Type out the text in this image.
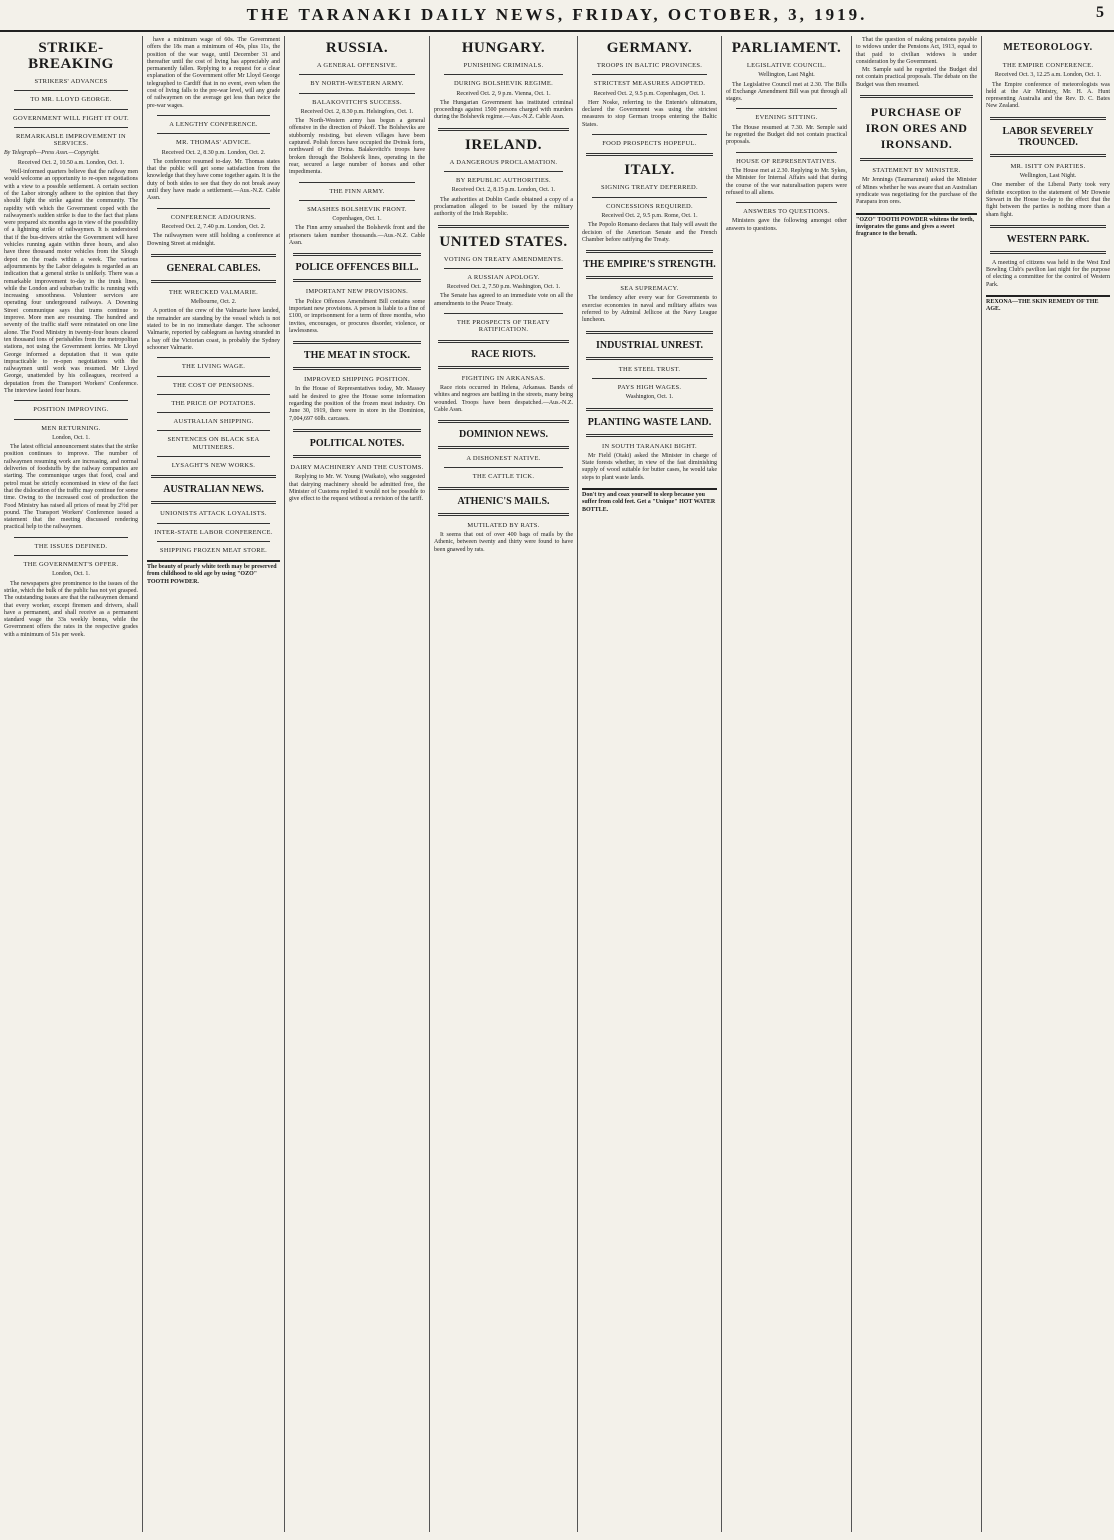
THE TARANAKI DAILY NEWS, FRIDAY, OCTOBER, 3, 1919.	5
STRIKE-BREAKING
STRIKERS' ADVANCES
TO MR. LLOYD GEORGE.
GOVERNMENT WILL FIGHT IT OUT.
REMARKABLE IMPROVEMENT IN SERVICES.
By Telegraph—Press Assn.—Copyright.
Received Oct. 2, 10.50 a.m. London, Oct. 1.
Well-informed quarters believe that the railway men would welcome an opportunity to re-open negotiations with a view to a possible settlement. A certain section of the Labor strongly adhere to the opinion that they should fight the strike against the community. The rapidity with which the Government coped with the railwaymen's sudden strike is due to the fact that plans were prepared six months ago in view of the possibility of a lightning strike of railwaymen. It is understood that if the bus-drivers strike the Government will have vehicles running again within three hours, and also have three thousand motor vehicles from the Slough depot on the roads within a week. The various adjournments by the Labor delegates is regarded as an indication that a general strike is unlikely. There was a remarkable improvement to-day in the trunk lines, while the London and suburban traffic is running with increasing smoothness. Volunteer services are operating four underground railways. A Downing Street communique says that trams continue to improve. More men are resuming. The hundred and seventy of the traffic staff were reinstated on one line alone. The Food Ministry in twenty-four hours cleared ten thousand tons of perishables from the metropolitan stations, not using the Government lorries. Mr Lloyd George informed a deputation that it was quite impracticable to re-open negotiations with the railwaymen until work was resumed. Mr Lloyd George, unattended by his colleagues, received a deputation from the Transport Workers' Conference. The interview lasted four hours.
POSITION IMPROVING.
MEN RETURNING.
London, Oct. 1.
The latest official announcement states that the strike position continues to improve. The number of railwaymen resuming work are increasing, and normal deliveries of foodstuffs by the railway companies are starting. The communique urges that food, coal and petrol must be strictly economised in view of the fact that the dislocation of the traffic may continue for some time. Owing to the increased cost of production the Food Ministry has raised all prices of meat by 2½d per pound. The Transport Workers' Conference issued a statement that the meeting discussed rendering practical help to the railwaymen.
THE ISSUES DEFINED.
THE GOVERNMENT'S OFFER.
London, Oct. 1.
The newspapers give prominence to the issues of the strike, which the bulk of the public has not yet grasped. The outstanding issues are that the railwaymen demand that every worker, except firemen and drivers, shall have a permanent, and shall receive as a permanent standard wage the 33s weekly bonus, while the Government offers the rates in the respective grades with a minimum of 51s per week.
have a minimum wage of 60s. The Government offers the 18s man a minimum of 40s, plus 11s, the position of the war wage, until December 31 and thereafter until the cost of living has appreciably and permanently fallen. Replying to a request for a clear explanation of the Government offer Mr Lloyd George telegraphed to Cardiff that in no event, even when the cost of living falls to the pre-war level, will any grade of railwaymen on the average get less than twice the pre-war wages.
A LENGTHY CONFERENCE.
MR. THOMAS' ADVICE.
Received Oct. 2, 8.30 p.m. London, Oct. 2.
The conference resumed to-day. Mr. Thomas states that the public will get some satisfaction from the knowledge that they have come together again. It is the duty of both sides to see that they do not break away until they have made a settlement.—Aus.-N.Z. Cable Assn.
CONFERENCE ADJOURNS.
Received Oct. 2, 7.40 p.m. London, Oct. 2.
The railwaymen were still holding a conference at Downing Street at midnight.
GENERAL CABLES.
THE WRECKED VALMARIE.
Melbourne, Oct. 2.
A portion of the crew of the Valmarie have landed, the remainder are standing by the vessel which is not stated to be in no immediate danger. The schooner Valmarie, reported by cablegram as having stranded in a bay off the Victorian coast, is probably the Sydney schooner Valmarie.
THE LIVING WAGE.
THE COST OF PENSIONS.
THE PRICE OF POTATOES.
AUSTRALIAN SHIPPING.
SENTENCES ON BLACK SEA MUTINEERS.
LYSAGHT'S NEW WORKS.
AUSTRALIAN NEWS.
UNIONISTS ATTACK LOYALISTS.
INTER-STATE LABOR CONFERENCE.
SHIPPING FROZEN MEAT STORE.
The beauty of pearly white teeth may be preserved from childhood to old age by using "OZO" TOOTH POWDER.
RUSSIA.
A GENERAL OFFENSIVE.
BY NORTH-WESTERN ARMY.
BALAKOVITCH'S SUCCESS.
Received Oct. 2, 8.30 p.m. Helsingfors, Oct. 1.
The North-Western army has begun a general offensive in the direction of Pskoff. The Bolsheviks are stubbornly resisting, but eleven villages have been captured. Polish forces have occupied the Dvinsk forts, northward of the Dvina. Balakovitch's troops have broken through the Bolshevik lines, operating in the rear, secured a large number of horses and other impedimenta.
THE FINN ARMY.
SMASHES BOLSHEVIK FRONT.
Copenhagen, Oct. 1.
The Finn army smashed the Bolshevik front and the prisoners taken number thousands.—Aus.-N.Z. Cable Assn.
POLICE OFFENCES BILL.
IMPORTANT NEW PROVISIONS.
The Police Offences Amendment Bill contains some important new provisions. A person is liable to a fine of £100, or imprisonment for a term of three months, who invites, encourages, or procures disorder, violence, or lawlessness.
THE MEAT IN STOCK.
IMPROVED SHIPPING POSITION.
In the House of Representatives today, Mr. Massey said he desired to give the House some information regarding the position of the frozen meat industry. On June 30, 1919, there were in store in the Dominion, 7,004,697 60lb. carcases.
POLITICAL NOTES.
DAIRY MACHINERY AND THE CUSTOMS.
Replying to Mr. W. Young (Waikato), who suggested that dairying machinery should be admitted free, the Minister of Customs replied it would not be possible to give effect to the request without a revision of the tariff.
HUNGARY.
PUNISHING CRIMINALS.
DURING BOLSHEVIK REGIME.
Received Oct. 2, 9 p.m. Vienna, Oct. 1.
The Hungarian Government has instituted criminal proceedings against 1500 persons charged with murders during the Bolshevik regime.—Aus.-N.Z. Cable Assn.
IRELAND.
A DANGEROUS PROCLAMATION.
BY REPUBLIC AUTHORITIES.
Received Oct. 2, 8.15 p.m. London, Oct. 1.
The authorities at Dublin Castle obtained a copy of a proclamation alleged to be issued by the military authority of the Irish Republic.
UNITED STATES.
VOTING ON TREATY AMENDMENTS.
A RUSSIAN APOLOGY.
Received Oct. 2, 7.50 p.m. Washington, Oct. 1.
The Senate has agreed to an immediate vote on all the amendments to the Peace Treaty.
THE PROSPECTS OF TREATY RATIFICATION.
RACE RIOTS.
FIGHTING IN ARKANSAS.
Race riots occurred in Helena, Arkansas. Bands of whites and negroes are battling in the streets, many being wounded. Troops have been despatched.—Aus.-N.Z. Cable Assn.
DOMINION NEWS.
A DISHONEST NATIVE.
THE CATTLE TICK.
ATHENIC'S MAILS.
MUTILATED BY RATS.
It seems that out of over 400 bags of mails by the Athenic, between twenty and thirty were found to have been gnawed by rats.
GERMANY.
TROOPS IN BALTIC PROVINCES.
STRICTEST MEASURES ADOPTED.
Received Oct. 2, 9.5 p.m. Copenhagen, Oct. 1.
Herr Noske, referring to the Entente's ultimatum, declared the Government was using the strictest measures to stop German troops entering the Baltic States.
FOOD PROSPECTS HOPEFUL.
ITALY.
SIGNING TREATY DEFERRED.
CONCESSIONS REQUIRED.
Received Oct. 2, 9.5 p.m. Rome, Oct. 1.
The Popolo Romano declares that Italy will await the decision of the American Senate and the French Chamber before ratifying the Treaty.
THE EMPIRE'S STRENGTH.
SEA SUPREMACY.
The tendency after every war for Governments to exercise economies in naval and military affairs was referred to by Admiral Jellicoe at the Navy League luncheon.
INDUSTRIAL UNREST.
THE STEEL TRUST.
PAYS HIGH WAGES.
Washington, Oct. 1.
PLANTING WASTE LAND.
IN SOUTH TARANAKI BIGHT.
Mr Field (Otaki) asked the Minister in charge of State forests whether, in view of the fast diminishing supply of wood suitable for butter cases, he would take steps to plant waste lands.
Don't try and coax yourself to sleep because you suffer from cold feet. Get a "Unique" HOT WATER BOTTLE.
PARLIAMENT.
LEGISLATIVE COUNCIL.
Wellington, Last Night.
The Legislative Council met at 2.30. The Bills of Exchange Amendment Bill was put through all stages.
EVENING SITTING.
The House resumed at 7.30. Mr. Semple said he regretted the Budget did not contain practical proposals.
HOUSE OF REPRESENTATIVES.
The House met at 2.30. Replying to Mr. Sykes, the Minister for Internal Affairs said that during the course of the war naturalisation papers were refused to all aliens.
ANSWERS TO QUESTIONS.
Ministers gave the following amongst other answers to questions.
That the question of making pensions payable to widows under the Pensions Act, 1913, equal to that paid to civilian widows is under consideration by the Government.
Mr. Sample said he regretted the Budget did not contain practical proposals. The debate on the Budget was then resumed.
PURCHASE OF IRON ORES AND IRONSAND.
STATEMENT BY MINISTER.
Mr Jennings (Taumarunui) asked the Minister of Mines whether he was aware that an Australian syndicate was negotiating for the purchase of the Parapara iron ores.
"OZO" TOOTH POWDER whitens the teeth, invigorates the gums and gives a sweet fragrance to the breath.
METEOROLOGY.
THE EMPIRE CONFERENCE.
Received Oct. 3, 12.25 a.m. London, Oct. 1.
The Empire conference of meteorologists was held at the Air Ministry, Mr. H. A. Hunt representing Australia and the Rev. D. C. Bates New Zealand.
LABOR SEVERELY TROUNCED.
MR. ISITT ON PARTIES.
Wellington, Last Night.
One member of the Liberal Party took very definite exception to the statement of Mr Downie Stewart in the House to-day to the effect that the fight between the parties is nothing more than a sham fight.
WESTERN PARK.
A meeting of citizens was held in the West End Bowling Club's pavilion last night for the purpose of electing a committee for the control of Western Park.
REXONA—THE SKIN REMEDY OF THE AGE.
